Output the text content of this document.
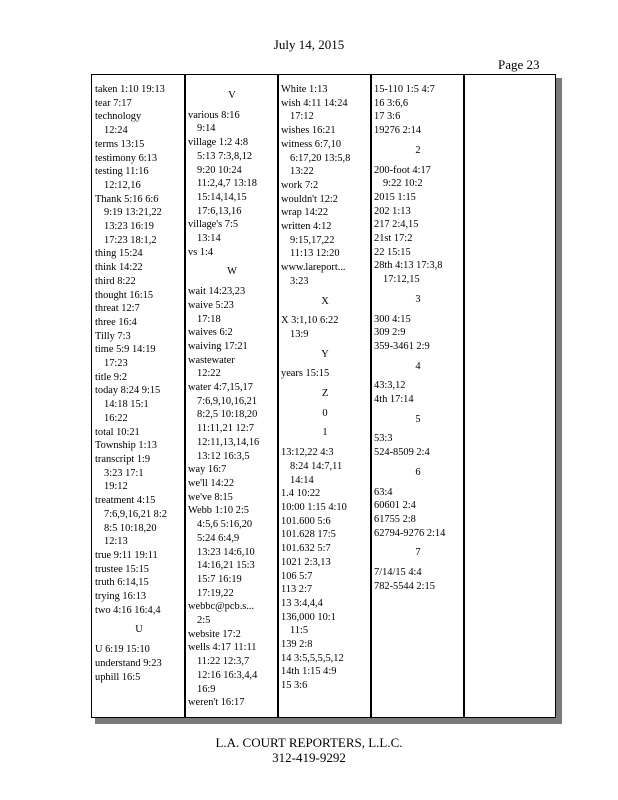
July 14, 2015
Page 23
taken 1:10 19:13
tear 7:17
technology
12:24
terms 13:15
testimony 6:13
testing 11:16
12:12,16
Thank 5:16 6:6
9:19 13:21,22
13:23 16:19
17:23 18:1,2
thing 15:24
think 14:22
third 8:22
thought 16:15
threat 12:7
three 16:4
Tilly 7:3
time 5:9 14:19
17:23
title 9:2
today 8:24 9:15
14:18 15:1
16:22
total 10:21
Township 1:13
transcript 1:9
3:23 17:1
19:12
treatment 4:15
7:6,9,16,21 8:2
8:5 10:18,20
12:13
true 9:11 19:11
trustee 15:15
truth 6:14,15
trying 16:13
two 4:16 16:4,4
U
U 6:19 15:10
understand 9:23
uphill 16:5
V
various 8:16
9:14
village 1:2 4:8
5:13 7:3,8,12
9:20 10:24
11:2,4,7 13:18
15:14,14,15
17:6,13,16
village's 7:5
13:14
vs 1:4
W
wait 14:23,23
waive 5:23
17:18
waives 6:2
waiving 17:21
wastewater
12:22
water 4:7,15,17
7:6,9,10,16,21
8:2,5 10:18,20
11:11,21 12:7
12:11,13,14,16
13:12 16:3,5
way 16:7
we'll 14:22
we've 8:15
Webb 1:10 2:5
4:5,6 5:16,20
5:24 6:4,9
13:23 14:6,10
14:16,21 15:3
15:7 16:19
17:19,22
webbc@pcb.s...
2:5
website 17:2
wells 4:17 11:11
11:22 12:3,7
12:16 16:3,4,4
16:9
weren't 16:17
White 1:13
wish 4:11 14:24
17:12
wishes 16:21
witness 6:7,10
6:17,20 13:5,8
13:22
work 7:2
wouldn't 12:2
wrap 14:22
written 4:12
9:15,17,22
11:13 12:20
www.lareport...
3:23
X
X 3:1,10 6:22
13:9
Y
years 15:15
Z
0
1
13:12,22 4:3
8:24 14:7,11
14:14
1.4 10:22
10:00 1:15 4:10
101.600 5:6
101.628 17:5
101.632 5:7
1021 2:3,13
106 5:7
113 2:7
13 3:4,4,4
136,000 10:1
11:5
139 2:8
14 3:5,5,5,5,12
14th 1:15 4:9
15 3:6
15-110 1:5 4:7
16 3:6,6
17 3:6
19276 2:14
2
200-foot 4:17
9:22 10:2
2015 1:15
202 1:13
217 2:4,15
21st 17:2
22 15:15
28th 4:13 17:3,8
17:12,15
3
300 4:15
309 2:9
359-3461 2:9
4
43:3,12
4th 17:14
5
53:3
524-8509 2:4
6
63:4
60601 2:4
61755 2:8
62794-9276 2:14
7
7/14/15 4:4
782-5544 2:15
L.A. COURT REPORTERS, L.L.C.
312-419-9292
